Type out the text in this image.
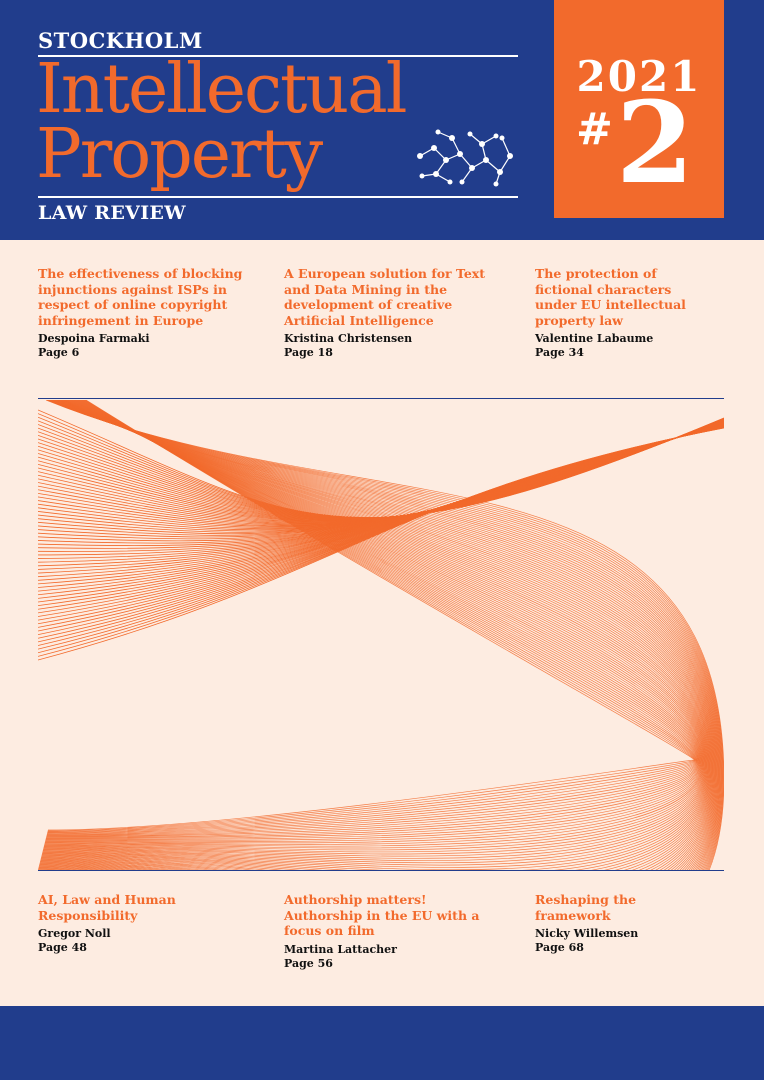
STOCKHOLM
Intellectual
Property
LAW REVIEW
2021
# 2

The effectiveness of blocking injunctions against ISPs in respect of online copyright infringement in Europe

Despoina Farmaki

Page 6

A European solution for Text and Data Mining in the development of creative Artificial Intelligence

Kristina Christensen

Page 18

The protection of fictional characters under EU intellectual property law

Valentine Labaume

Page 34

AI, Law and Human Responsibility

Gregor Noll

Page 48

Authorship matters! Authorship in the EU with a focus on film

Martina Lattacher

Page 56

Reshaping the framework

Nicky Willemsen

Page 68
